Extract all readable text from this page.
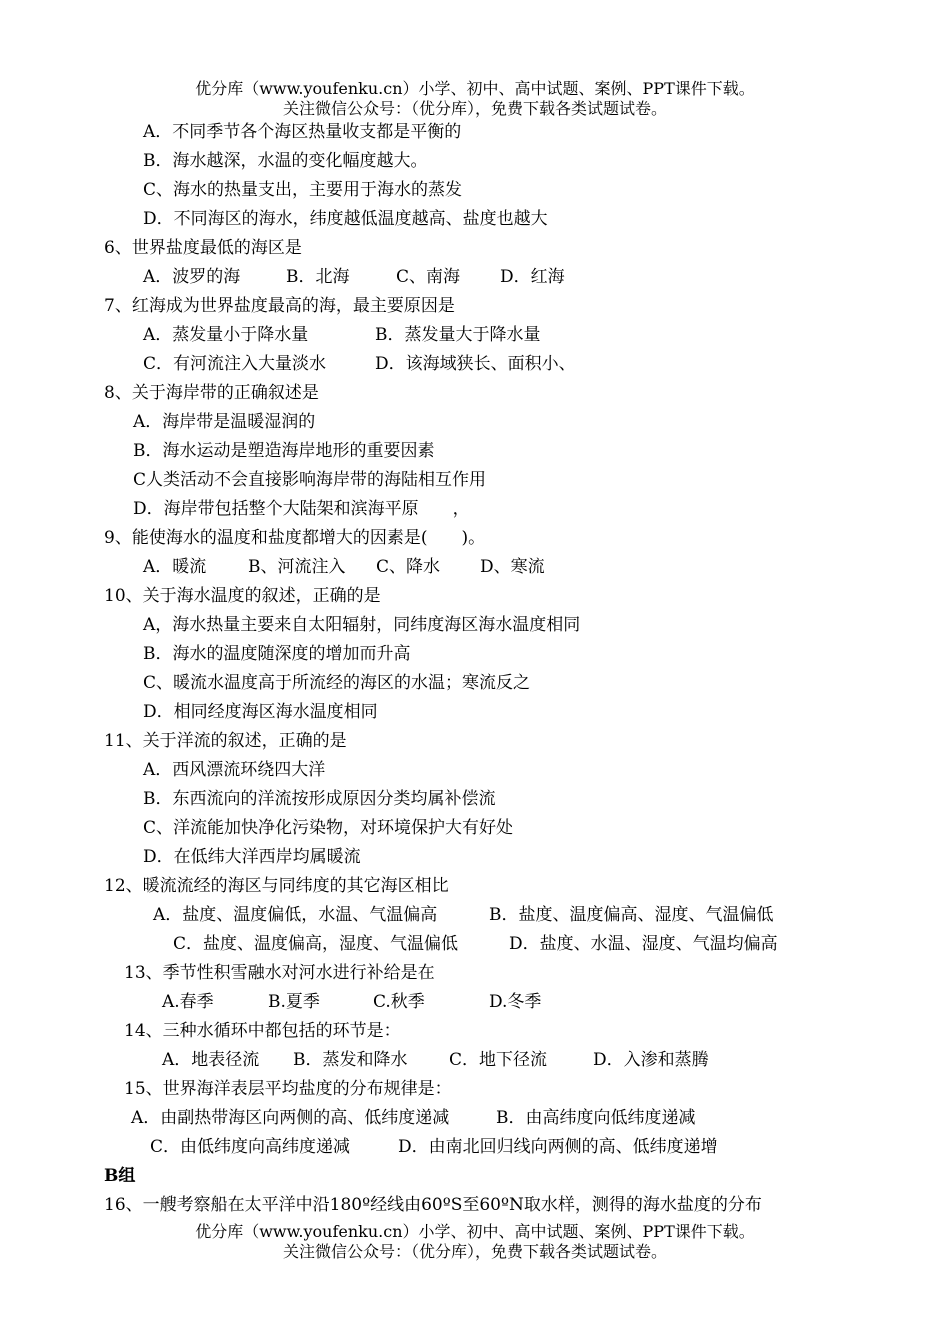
优分库（www.youfenku.cn）小学、初中、高中试题、案例、PPT课件下载。
关注微信公众号：（优分库），免费下载各类试题试卷。
A．不同季节各个海区热量收支都是平衡的
B．海水越深，水温的变化幅度越大。
C、海水的热量支出，主要用于海水的蒸发
D．不同海区的海水，纬度越低温度越高、盐度也越大
6、世界盐度最低的海区是
A．波罗的海	B．北海	C、南海 D．红海
7、红海成为世界盐度最高的海，最主要原因是
A．蒸发量小于降水量	B．蒸发量大于降水量
C．有河流注入大量淡水	D．该海域狭长、面积小、
8、关于海岸带的正确叙述是
A．海岸带是温暖湿润的
B．海水运动是塑造海岸地形的重要因素
C人类活动不会直接影响海岸带的海陆相互作用
D．海岸带包括整个大陆架和滨海平原　　，
9、能使海水的温度和盐度都增大的因素是(　　)。
A．暖流 B、河流注入 C、降水 D、寒流
10、关于海水温度的叙述，正确的是
A，海水热量主要来自太阳辐射，同纬度海区海水温度相同
B．海水的温度随深度的增加而升高
C、暖流水温度高于所流经的海区的水温；寒流反之
D．相同经度海区海水温度相同
11、关于洋流的叙述，正确的是
A．西风漂流环绕四大洋
B．东西流向的洋流按形成原因分类均属补偿流
C、洋流能加快净化污染物，对环境保护大有好处
D．在低纬大洋西岸均属暖流
12、暖流流经的海区与同纬度的其它海区相比
A．盐度、温度偏低，水温、气温偏高	B．盐度、温度偏高、湿度、气温偏低
C．盐度、温度偏高，湿度、气温偏低	D．盐度、水温、湿度、气温均偏高
13、季节性积雪融水对河水进行补给是在
A.春季	B.夏季	C.秋季	D.冬季
14、三种水循环中都包括的环节是：
A．地表径流 B．蒸发和降水 C．地下径流	D．入渗和蒸腾
15、世界海洋表层平均盐度的分布规律是：
A．由副热带海区向两侧的高、低纬度递减	B．由高纬度向低纬度递减
C．由低纬度向高纬度递减	D．由南北回归线向两侧的高、低纬度递增
B组
16、一艘考察船在太平洋中沿180º经线由60ºS至60ºN取水样，测得的海水盐度的分布
优分库（www.youfenku.cn）小学、初中、高中试题、案例、PPT课件下载。
关注微信公众号：（优分库），免费下载各类试题试卷。
